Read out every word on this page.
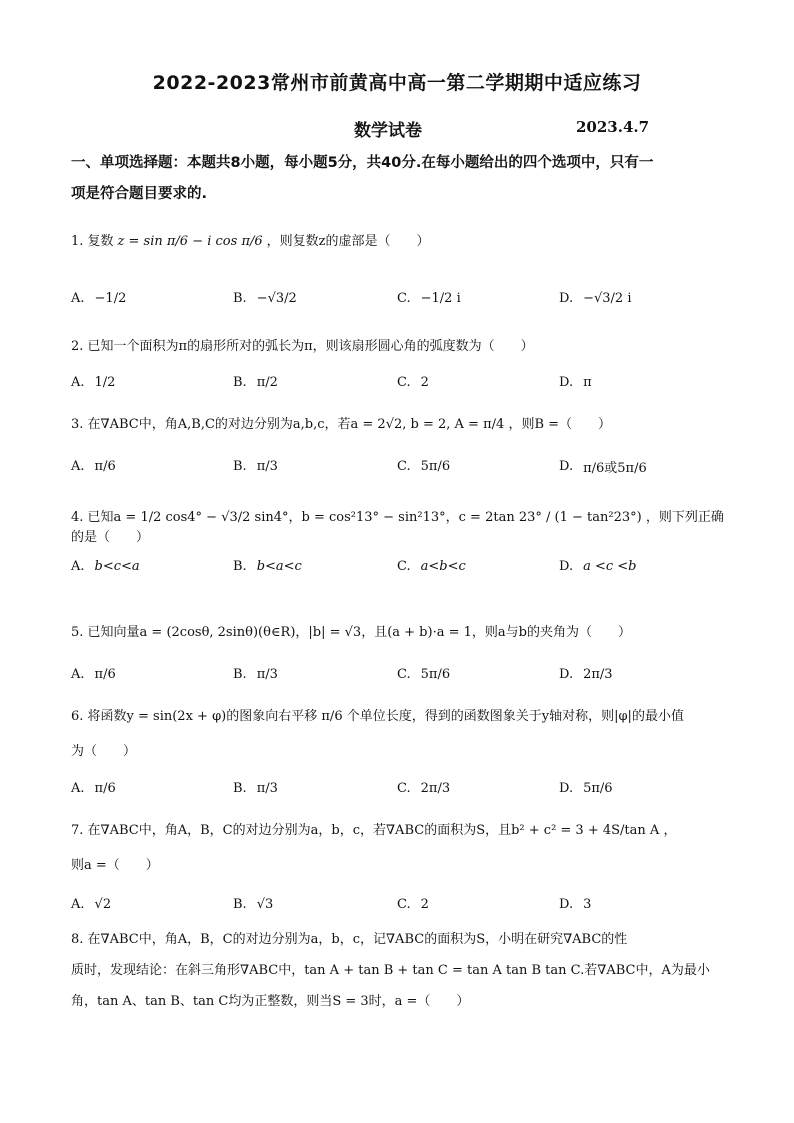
2022-2023常州市前黄高中高一第二学期期中适应练习
数学试卷	2023.4.7
一、单项选择题：本题共8小题，每小题5分，共40分.在每小题给出的四个选项中，只有一
项是符合题目要求的.
1. 复数 z = sin π/6 − i cos π/6 ，则复数z的虚部是（　　）
A. −1/2	B. −√3/2	C. −1/2 i	D. −√3/2 i
2. 已知一个面积为π的扇形所对的弧长为π，则该扇形圆心角的弧度数为（　　）
A. 1/2	B. π/2	C. 2	D. π
3. 在∇ABC中，角A,B,C的对边分别为a,b,c，若a = 2√2, b = 2, A = π/4 ，则B =（　　）
A. π/6	B. π/3	C. 5π/6	D. π/6或5π/6
4. 已知a = 1/2 cos4° − √3/2 sin4°，b = cos²13° − sin²13°，c = 2tan 23° / (1 − tan²23°) ，则下列正确的是（　　）
A. b<c<a	B. b<a<c	C. a<b<c	D. a <c <b
5. 已知向量a = (2cosθ, 2sinθ)(θ∈R)，|b| = √3，且(a + b)·a = 1，则a与b的夹角为（　　）
A. π/6	B. π/3	C. 5π/6	D. 2π/3
6. 将函数y = sin(2x + φ)的图象向右平移 π/6 个单位长度，得到的函数图象关于y轴对称，则|φ|的最小值
为（　　）
A. π/6	B. π/3	C. 2π/3	D. 5π/6
7. 在∇ABC中，角A，B，C的对边分别为a，b，c，若∇ABC的面积为S，且b² + c² = 3 + 4S/tan A ，
则a =（　　）
A. √2	B. √3	C. 2	D. 3
8. 在∇ABC中，角A，B，C的对边分别为a，b，c，记∇ABC的面积为S，小明在研究∇ABC的性
质时，发现结论：在斜三角形∇ABC中，tan A + tan B + tan C = tan A tan B tan C.若∇ABC中，A为最小
角，tan A、tan B、tan C均为正整数，则当S = 3时，a =（　　）
